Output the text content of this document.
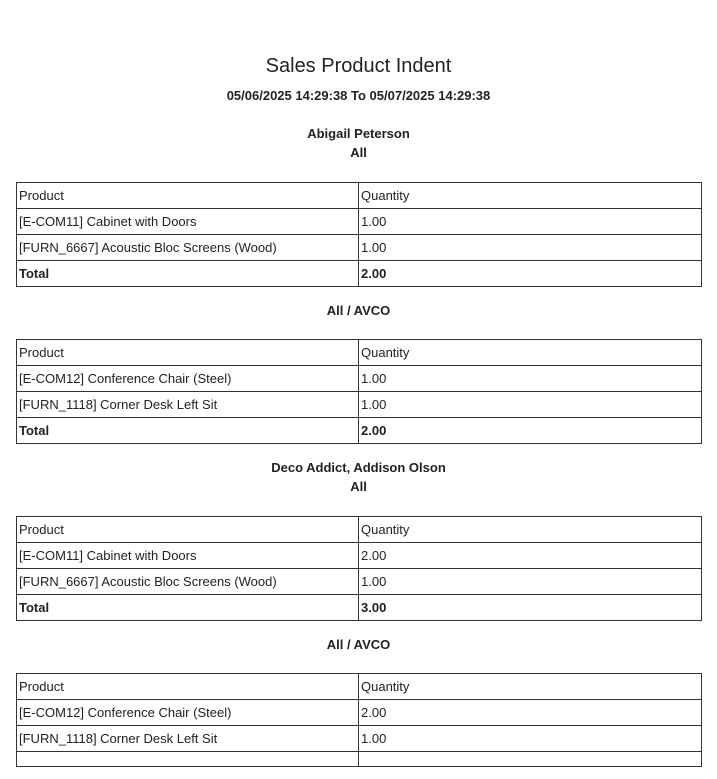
Sales Product Indent
05/06/2025 14:29:38 To 05/07/2025 14:29:38
Abigail Peterson
All
Product	Quantity
[E-COM11] Cabinet with Doors	1.00
[FURN_6667] Acoustic Bloc Screens (Wood)	1.00
Total	2.00
All / AVCO
Product	Quantity
[E-COM12] Conference Chair (Steel)	1.00
[FURN_1118] Corner Desk Left Sit	1.00
Total	2.00
Deco Addict, Addison Olson
All
Product	Quantity
[E-COM11] Cabinet with Doors	2.00
[FURN_6667] Acoustic Bloc Screens (Wood)	1.00
Total	3.00
All / AVCO
Product	Quantity
[E-COM12] Conference Chair (Steel)	2.00
[FURN_1118] Corner Desk Left Sit	1.00
